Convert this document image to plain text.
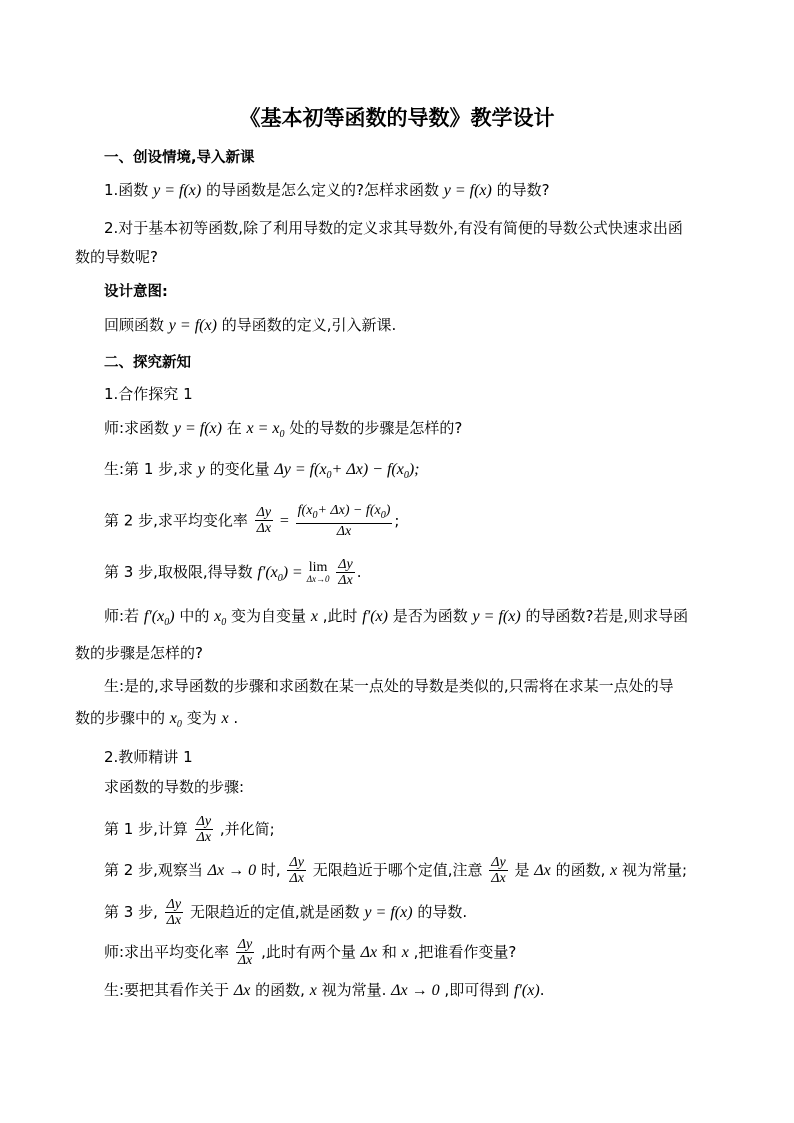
《基本初等函数的导数》教学设计
一、创设情境,导入新课
1.函数 y = f(x) 的导函数是怎么定义的?怎样求函数 y = f(x) 的导数?
2.对于基本初等函数,除了利用导数的定义求其导数外,有没有简便的导数公式快速求出函
数的导数呢?
设计意图:
回顾函数 y = f(x) 的导函数的定义,引入新课.
二、探究新知
1.合作探究 1
师:求函数 y = f(x) 在 $x = x_0$ 处的导数的步骤是怎样的?
生:第 1 步,求 y 的变化量 $\Delta y = f(x_0+ \Delta x) - f(x_0)$;
第 2 步,求平均变化率 $\frac{\Delta y}{\Delta x} = \frac{f(x_0+ \Delta x) - f(x_0)}{\Delta x}$ ;
第 3 步,取极限,得导数 $f'(x_0) = \lim$
Δx→0
$\frac{\Delta y}{\Delta x}$ .
师:若 $f'(x_0)$ 中的 $x_0$ 变为自变量 x ,此时 f′(x) 是否为函数 y = f(x) 的导函数?若是,则求导函
数的步骤是怎样的?
生:是的,求导函数的步骤和求函数在某一点处的导数是类似的,只需将在求某一点处的导
数的步骤中的 $x_0$ 变为 x .
2.教师精讲 1
求函数的导数的步骤:
第 1 步,计算 $\frac{\Delta y}{\Delta x}$ ,并化简;
第 2 步,观察当 Δx → 0 时, $\frac{\Delta y}{\Delta x}$ 无限趋近于哪个定值,注意 $\frac{\Delta y}{\Delta x}$ 是 Δx 的函数, x 视为常量;
第 3 步, $\frac{\Delta y}{\Delta x}$ 无限趋近的定值,就是函数 y = f(x) 的导数.
师:求出平均变化率 $\frac{\Delta y}{\Delta x}$ ,此时有两个量 Δx 和 x ,把谁看作变量?
生:要把其看作关于 Δx 的函数, x 视为常量. Δx → 0 ,即可得到 f′(x).
